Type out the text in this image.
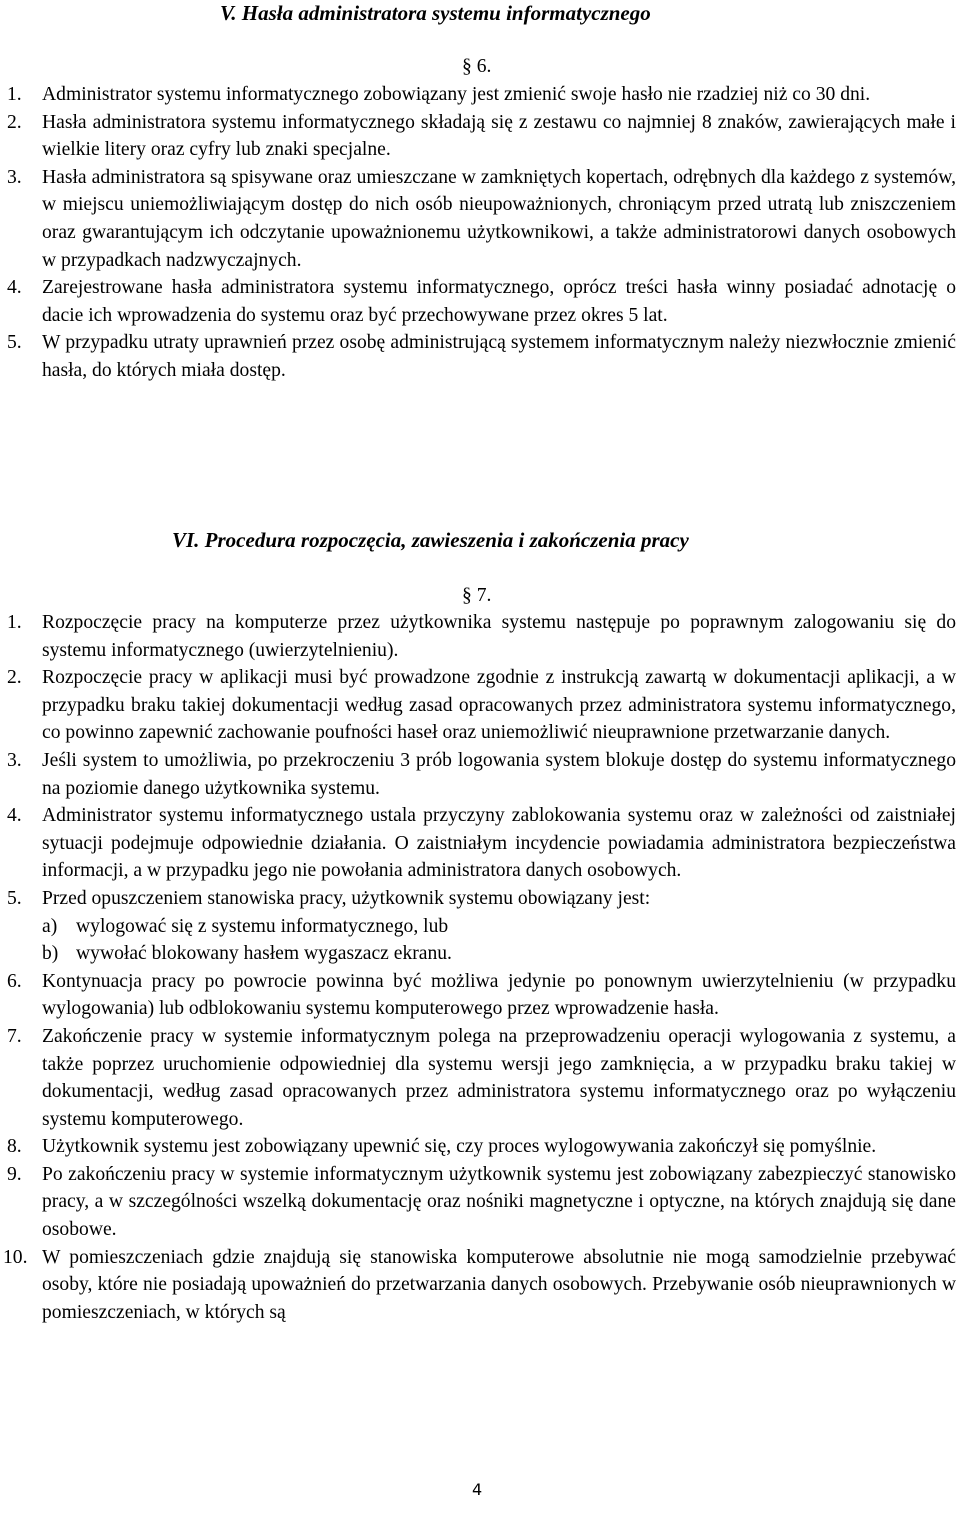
V. Hasła administratora systemu informatycznego
§ 6.
1. Administrator systemu informatycznego zobowiązany jest zmienić swoje hasło nie rzadziej niż co 30 dni.
2. Hasła administratora systemu informatycznego składają się z zestawu co najmniej 8 znaków, zawierających małe i wielkie litery oraz cyfry lub znaki specjalne.
3. Hasła administratora są spisywane oraz umieszczane w zamkniętych kopertach, odrębnych dla każdego z systemów, w miejscu uniemożliwiającym dostęp do nich osób nieupoważnionych, chroniącym przed utratą lub zniszczeniem oraz gwarantującym ich odczytanie upoważnionemu użytkownikowi, a także administratorowi danych osobowych w przypadkach nadzwyczajnych.
4. Zarejestrowane hasła administratora systemu informatycznego, oprócz treści hasła winny posiadać adnotację o dacie ich wprowadzenia do systemu oraz być przechowywane przez okres 5 lat.
5. W przypadku utraty uprawnień przez osobę administrującą systemem informatycznym należy niezwłocznie zmienić hasła, do których miała dostęp.
VI. Procedura rozpoczęcia, zawieszenia i zakończenia pracy
§ 7.
1. Rozpoczęcie pracy na komputerze przez użytkownika systemu następuje po poprawnym zalogowaniu się do systemu informatycznego (uwierzytelnieniu).
2. Rozpoczęcie pracy w aplikacji musi być prowadzone zgodnie z instrukcją zawartą w dokumentacji aplikacji, a w przypadku braku takiej dokumentacji według zasad opracowanych przez administratora systemu informatycznego, co powinno zapewnić zachowanie poufności haseł oraz uniemożliwić nieuprawnione przetwarzanie danych.
3. Jeśli system to umożliwia, po przekroczeniu 3 prób logowania system blokuje dostęp do systemu informatycznego na poziomie danego użytkownika systemu.
4. Administrator systemu informatycznego ustala przyczyny zablokowania systemu oraz w zależności od zaistniałej sytuacji podejmuje odpowiednie działania. O zaistniałym incydencie powiadamia administratora bezpieczeństwa informacji, a w przypadku jego nie powołania administratora danych osobowych.
5. Przed opuszczeniem stanowiska pracy, użytkownik systemu obowiązany jest:
a) wylogować się z systemu informatycznego, lub
b) wywołać blokowany hasłem wygaszacz ekranu.
6. Kontynuacja pracy po powrocie powinna być możliwa jedynie po ponownym uwierzytelnieniu (w przypadku wylogowania) lub odblokowaniu systemu komputerowego przez wprowadzenie hasła.
7. Zakończenie pracy w systemie informatycznym polega na przeprowadzeniu operacji wylogowania z systemu, a także poprzez uruchomienie odpowiedniej dla systemu wersji jego zamknięcia, a w przypadku braku takiej w dokumentacji, według zasad opracowanych przez administratora systemu informatycznego oraz po wyłączeniu systemu komputerowego.
8. Użytkownik systemu jest zobowiązany upewnić się, czy proces wylogowywania zakończył się pomyślnie.
9. Po zakończeniu pracy w systemie informatycznym użytkownik systemu jest zobowiązany zabezpieczyć stanowisko pracy, a w szczególności wszelką dokumentację oraz nośniki magnetyczne i optyczne, na których znajdują się dane osobowe.
10. W pomieszczeniach gdzie znajdują się stanowiska komputerowe absolutnie nie mogą samodzielnie przebywać osoby, które nie posiadają upoważnień do przetwarzania danych osobowych. Przebywanie osób nieuprawnionych w pomieszczeniach, w których są
4
